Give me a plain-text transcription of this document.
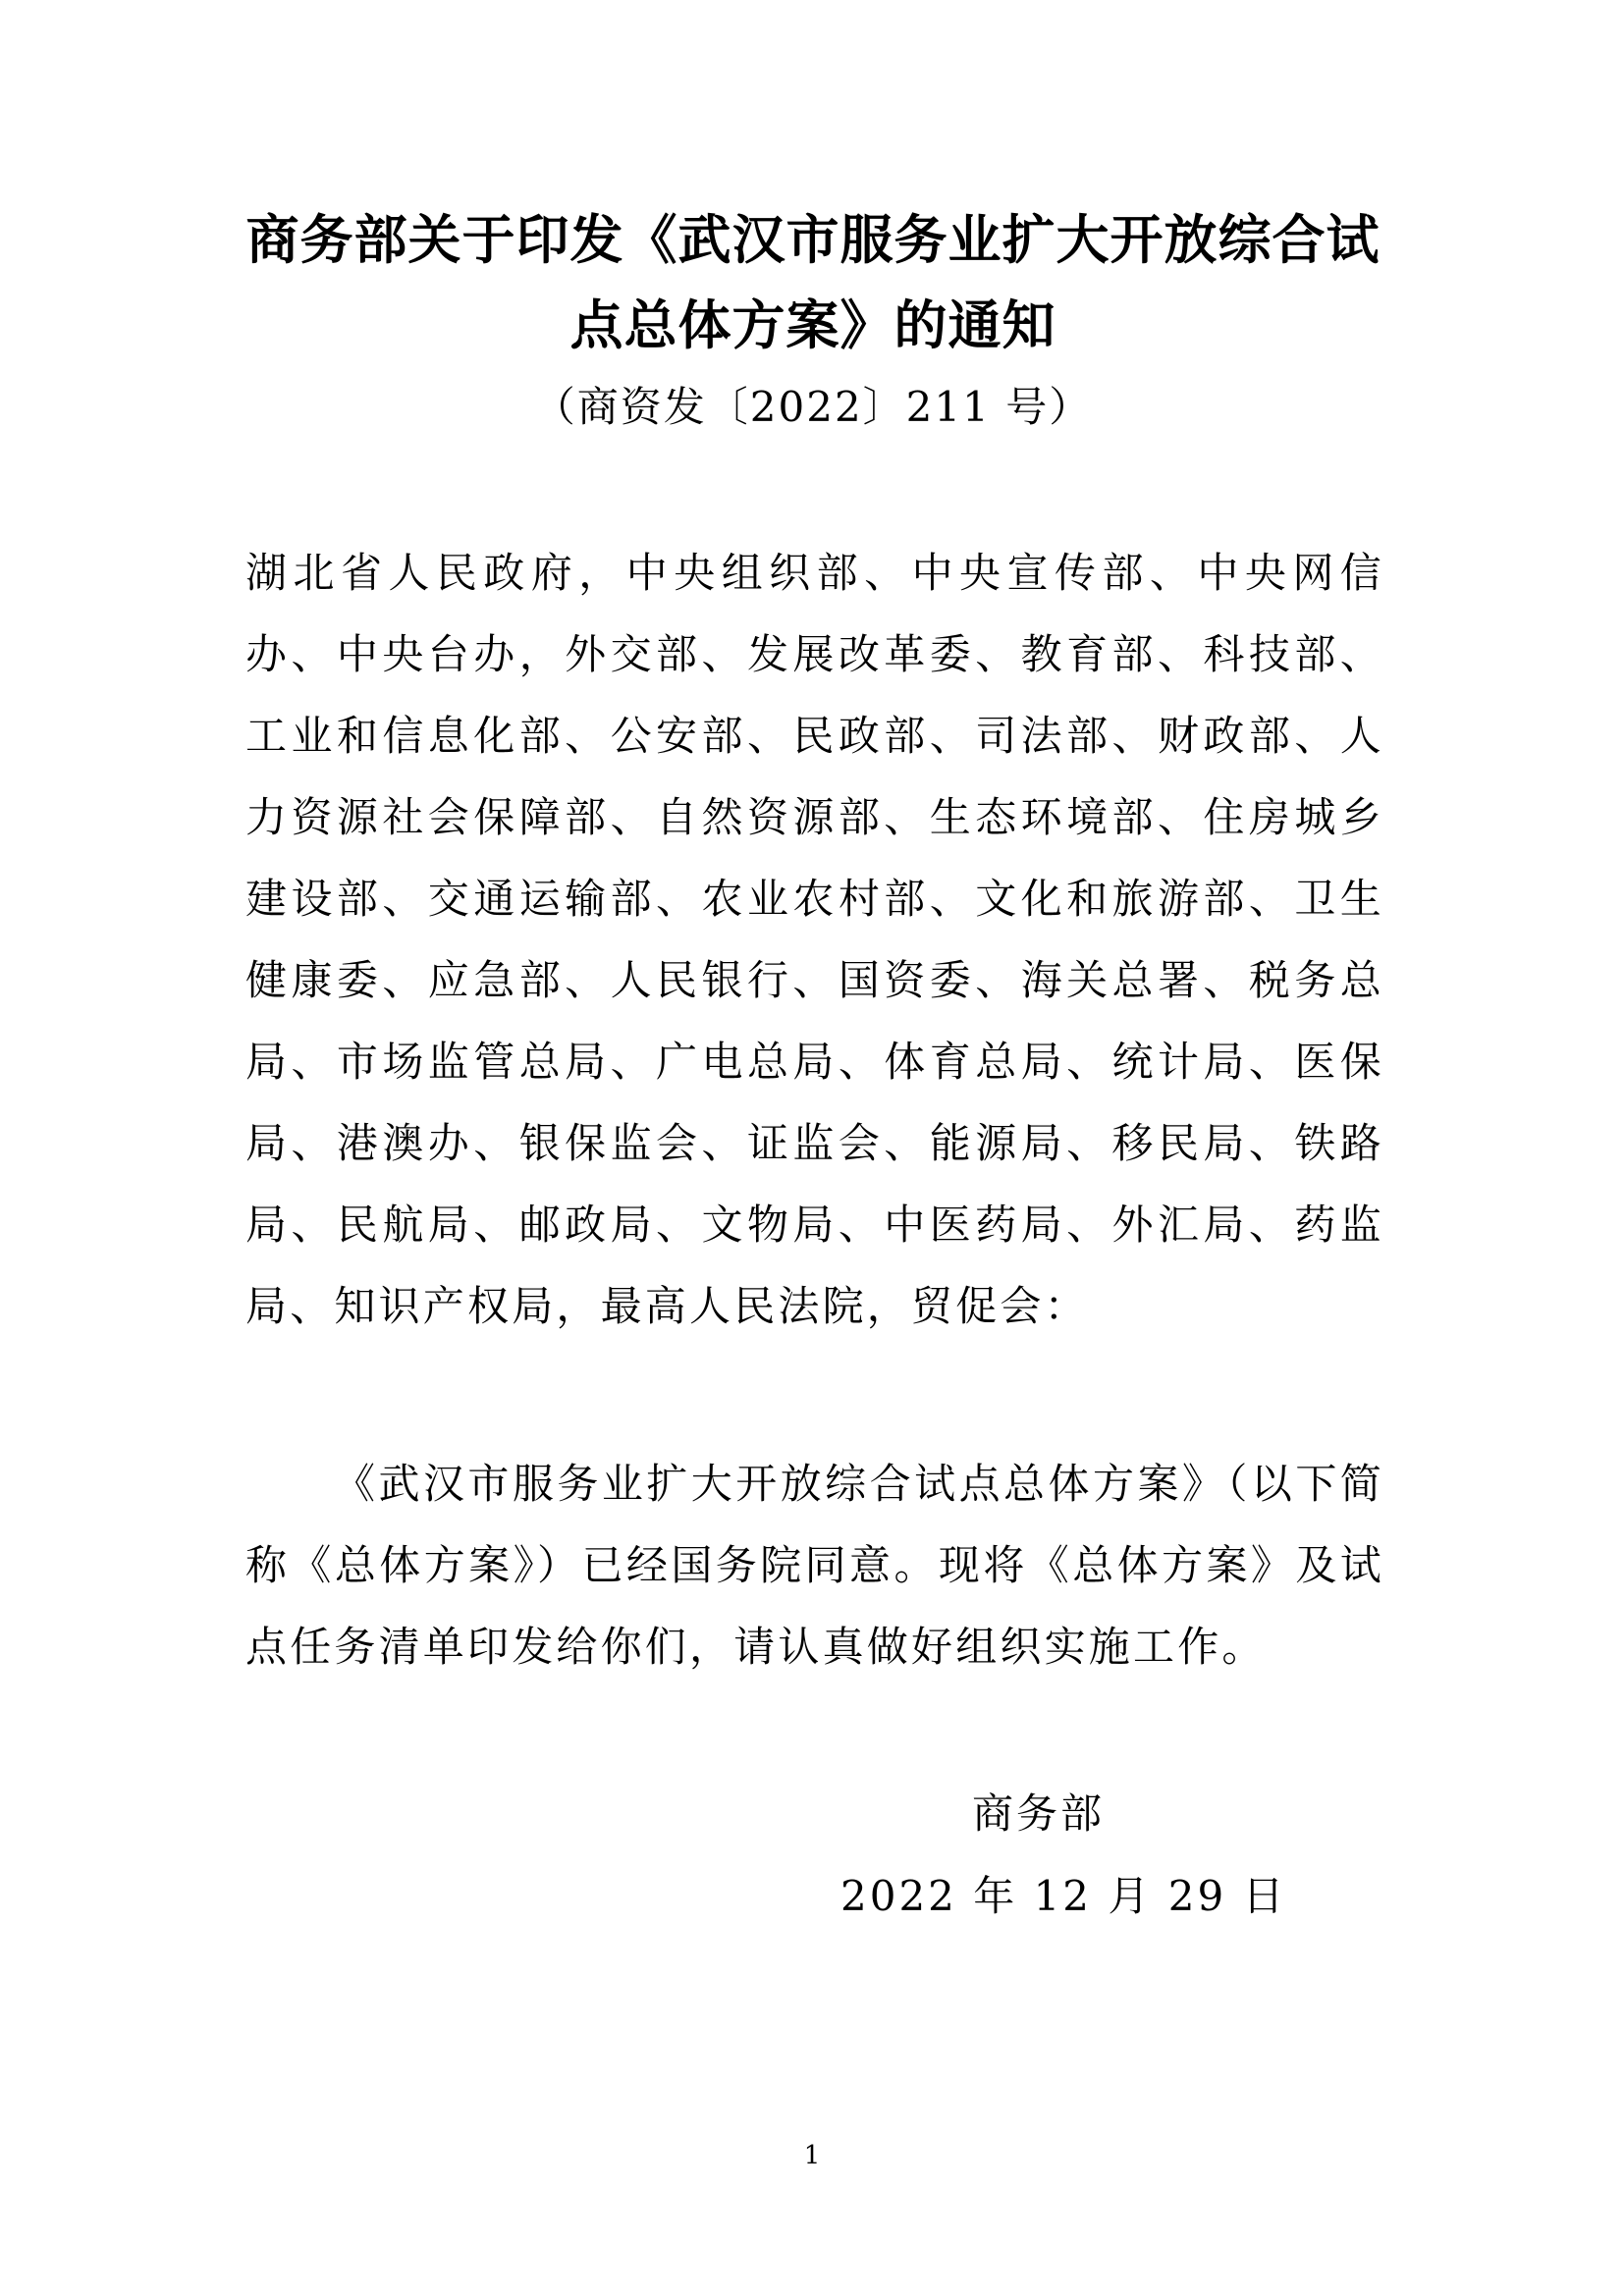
商务部关于印发《武汉市服务业扩大开放综合试
点总体方案》的通知
（商资发〔2022〕211 号）

湖北省人民政府，中央组织部、中央宣传部、中央网信办、中央台办，外交部、发展改革委、教育部、科技部、工业和信息化部、公安部、民政部、司法部、财政部、人力资源社会保障部、自然资源部、生态环境部、住房城乡建设部、交通运输部、农业农村部、文化和旅游部、卫生健康委、应急部、人民银行、国资委、海关总署、税务总局、市场监管总局、广电总局、体育总局、统计局、医保局、港澳办、银保监会、证监会、能源局、移民局、铁路局、民航局、邮政局、文物局、中医药局、外汇局、药监局、知识产权局，最高人民法院，贸促会：

《武汉市服务业扩大开放综合试点总体方案》（以下简称《总体方案》）已经国务院同意。现将《总体方案》及试点任务清单印发给你们，请认真做好组织实施工作。

商务部
2022 年 12 月 29 日
1
